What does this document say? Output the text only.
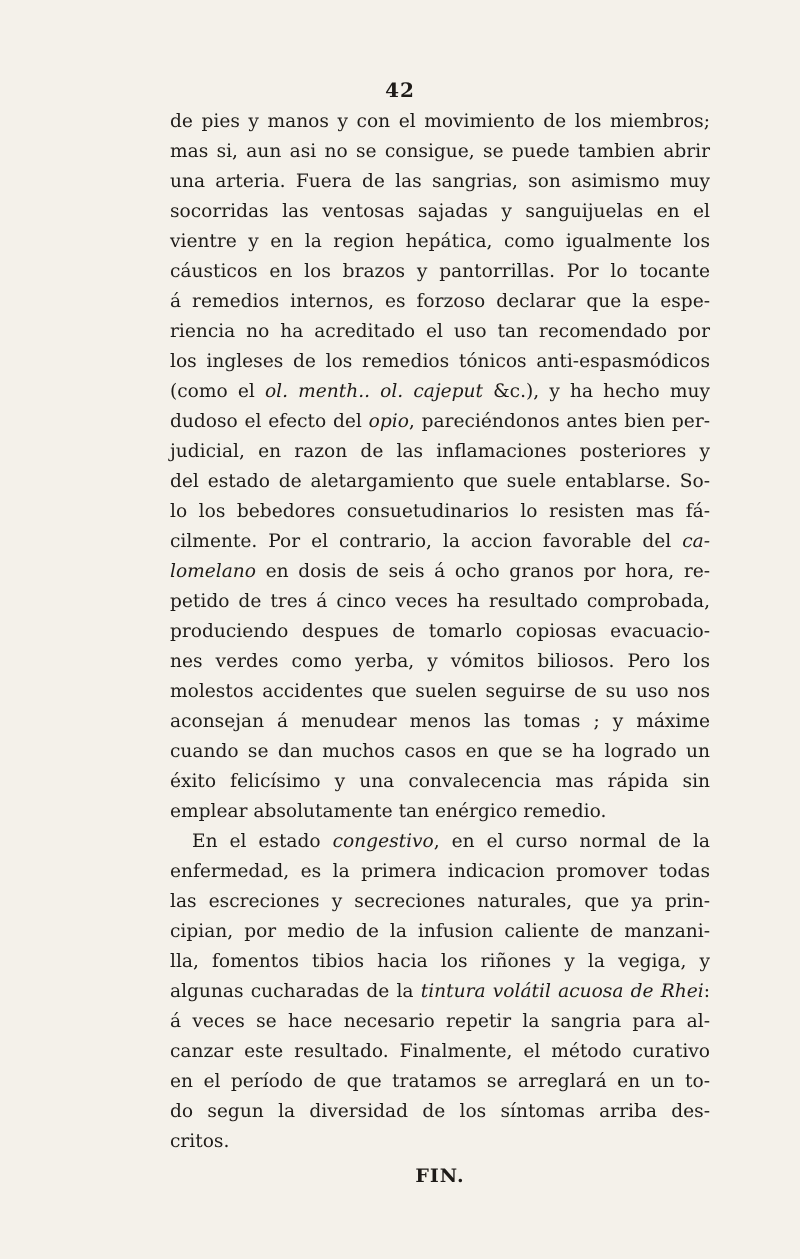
42
de pies y manos y con el movimiento de los miembros;
mas si, aun asi no se consigue, se puede tambien abrir
una arteria. Fuera de las sangrias, son asimismo muy
socorridas las ventosas sajadas y sanguijuelas en el
vientre y en la region hepática, como igualmente los
cáusticos en los brazos y pantorrillas. Por lo tocante
á remedios internos, es forzoso declarar que la espe-
riencia no ha acreditado el uso tan recomendado por
los ingleses de los remedios tónicos anti-espasmódicos
(como el ol. menth.. ol. cajeput &c.), y ha hecho muy
dudoso el efecto del opio, pareciéndonos antes bien per-
judicial, en razon de las inflamaciones posteriores y
del estado de aletargamiento que suele entablarse. So-
lo los bebedores consuetudinarios lo resisten mas fá-
cilmente. Por el contrario, la accion favorable del ca-
lomelano en dosis de seis á ocho granos por hora, re-
petido de tres á cinco veces ha resultado comprobada,
produciendo despues de tomarlo copiosas evacuacio-
nes verdes como yerba, y vómitos biliosos. Pero los
molestos accidentes que suelen seguirse de su uso nos
aconsejan á menudear menos las tomas ; y máxime
cuando se dan muchos casos en que se ha logrado un
éxito felicísimo y una convalecencia mas rápida sin
emplear absolutamente tan enérgico remedio.
En el estado congestivo, en el curso normal de la
enfermedad, es la primera indicacion promover todas
las escreciones y secreciones naturales, que ya prin-
cipian, por medio de la infusion caliente de manzani-
lla, fomentos tibios hacia los riñones y la vegiga, y
algunas cucharadas de la tintura volátil acuosa de Rhei:
á veces se hace necesario repetir la sangria para al-
canzar este resultado. Finalmente, el método curativo
en el período de que tratamos se arreglará en un to-
do segun la diversidad de los síntomas arriba des-
critos.
FIN.
